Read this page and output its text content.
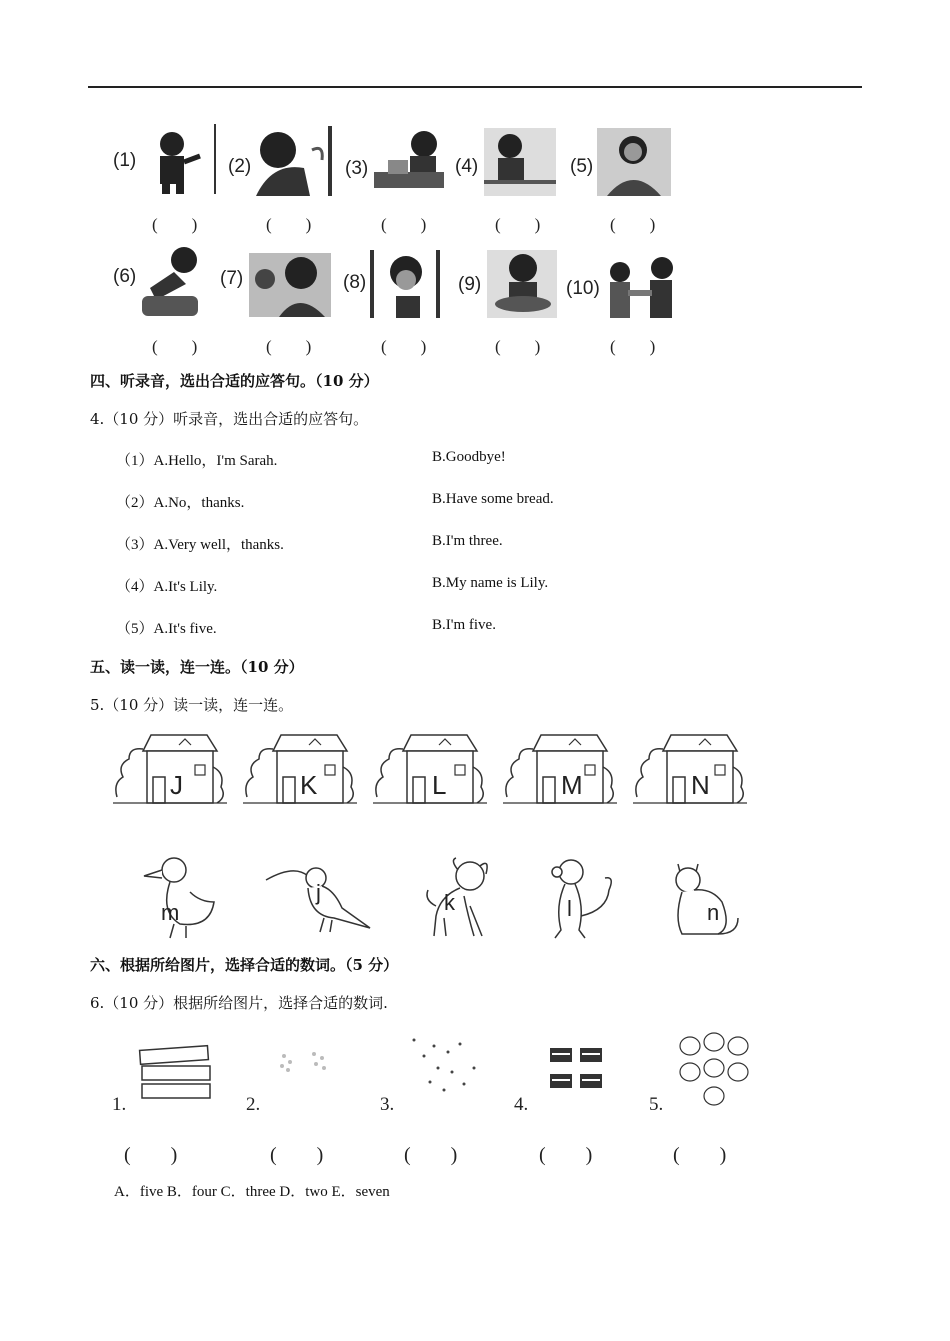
(1)	(2)	(3)	(4)	(5)
(　　)	(　　)	(　　)	(　　)	(　　)
(6)	(7)	(8)	(9)	(10)
(　　)	(　　)	(　　)	(　　)	(　　)
四、听录音，选出合适的应答句。（10 分）
4.（10 分）听录音，选出合适的应答句。
（1）A.Hello，I'm Sarah.	B.Goodbye!
（2）A.No，thanks.	B.Have some bread.
（3）A.Very well，thanks.	B.I'm three.
（4）A.It's Lily.	B.My name is Lily.
（5）A.It's five.	B.I'm five.
五、读一读，连一连。（10 分）
5.（10 分）读一读，连一连。
J	K	L	M	N
m
j	k	l	n
六、根据所给图片，选择合适的数词。（5 分）
6.（10 分）根据所给图片，选择合适的数词.
1.	2.	3.	4.	5.
(　　)	(　　)	(　　)	(　　)	(　　)
A．five B．four C．three D．two E．seven
